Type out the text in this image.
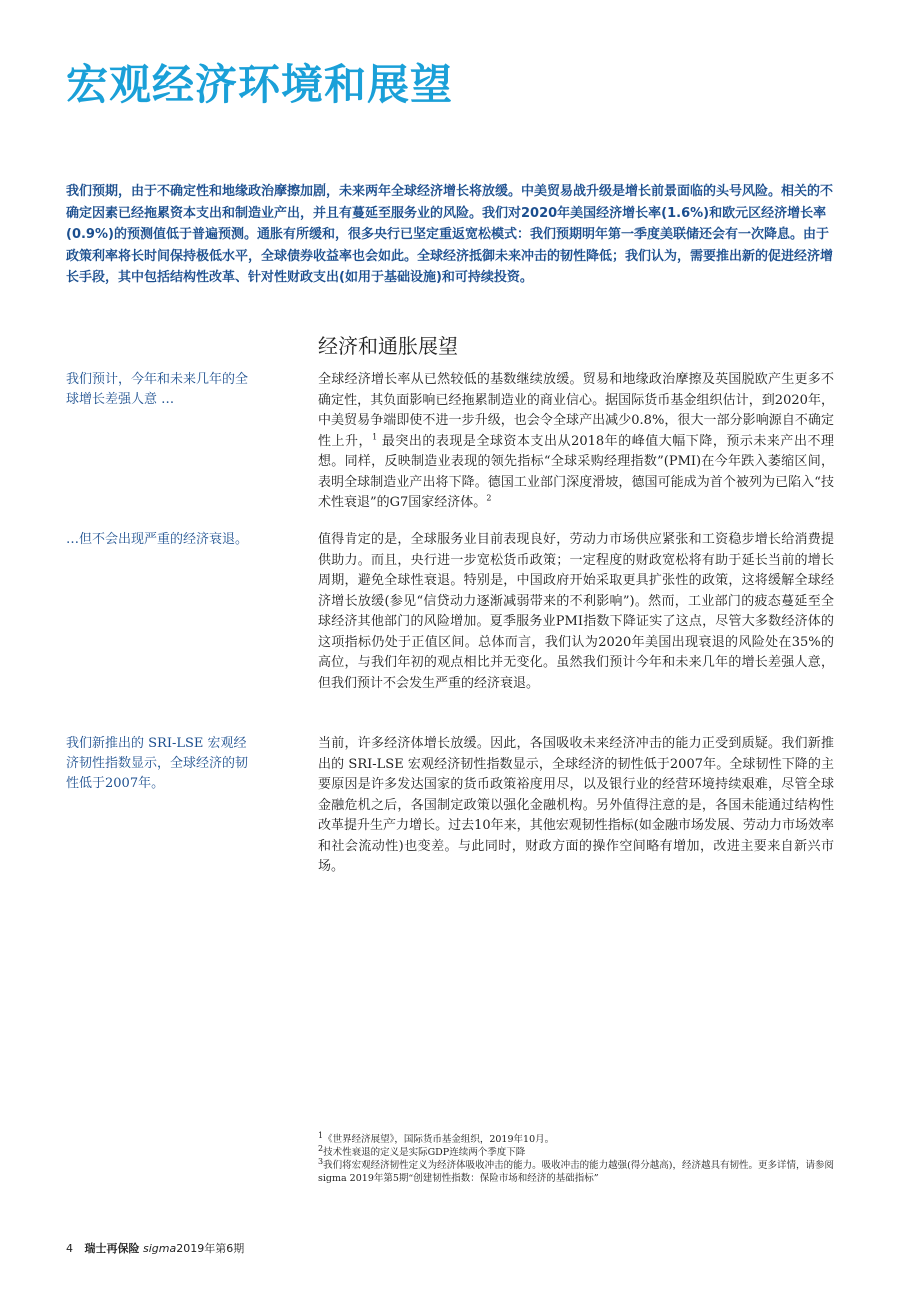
宏观经济环境和展望
我们预期，由于不确定性和地缘政治摩擦加剧，未来两年全球经济增长将放缓。中美贸易战升级是增长前景面临的头号风险。相关的不确定因素已经拖累资本支出和制造业产出，并且有蔓延至服务业的风险。我们对2020年美国经济增长率(1.6%)和欧元区经济增长率(0.9%)的预测值低于普遍预测。通胀有所缓和，很多央行已坚定重返宽松模式：我们预期明年第一季度美联储还会有一次降息。由于政策利率将长时间保持极低水平，全球债券收益率也会如此。全球经济抵御未来冲击的韧性降低；我们认为，需要推出新的促进经济增长手段，其中包括结构性改革、针对性财政支出(如用于基础设施)和可持续投资。
经济和通胀展望
我们预计，今年和未来几年的全球增长差强人意 …
…但不会出现严重的经济衰退。
我们新推出的 SRI-LSE 宏观经济韧性指数显示，全球经济的韧性低于2007年。
全球经济增长率从已然较低的基数继续放缓。贸易和地缘政治摩擦及英国脱欧产生更多不确定性，其负面影响已经拖累制造业的商业信心。据国际货币基金组织估计，到2020年，中美贸易争端即使不进一步升级，也会令全球产出减少0.8%，很大一部分影响源自不确定性上升，$^1$ 最突出的表现是全球资本支出从2018年的峰值大幅下降，预示未来产出不理想。同样，反映制造业表现的领先指标“全球采购经理指数”(PMI)在今年跌入萎缩区间，表明全球制造业产出将下降。德国工业部门深度滑坡，德国可能成为首个被列为已陷入“技术性衰退”的G7国家经济体。$^2$
值得肯定的是，全球服务业目前表现良好，劳动力市场供应紧张和工资稳步增长给消费提供助力。而且，央行进一步宽松货币政策；一定程度的财政宽松将有助于延长当前的增长周期，避免全球性衰退。特别是，中国政府开始采取更具扩张性的政策，这将缓解全球经济增长放缓(参见“信贷动力逐渐减弱带来的不利影响”)。然而，工业部门的疲态蔓延至全球经济其他部门的风险增加。夏季服务业PMI指数下降证实了这点，尽管大多数经济体的这项指标仍处于正值区间。总体而言，我们认为2020年美国出现衰退的风险处在35%的高位，与我们年初的观点相比并无变化。虽然我们预计今年和未来几年的增长差强人意，但我们预计不会发生严重的经济衰退。
当前，许多经济体增长放缓。因此，各国吸收未来经济冲击的能力正受到质疑。我们新推出的 SRI-LSE 宏观经济韧性指数显示，全球经济的韧性低于2007年。全球韧性下降的主要原因是许多发达国家的货币政策裕度用尽，以及银行业的经营环境持续艰难，尽管全球金融危机之后，各国制定政策以强化金融机构。另外值得注意的是，各国未能通过结构性改革提升生产力增长。过去10年来，其他宏观韧性指标(如金融市场发展、劳动力市场效率和社会流动性)也变差。与此同时，财政方面的操作空间略有增加，改进主要来自新兴市场。

$^1$《世界经济展望》，国际货币基金组织，2019年10月。

$^2$技术性衰退的定义是实际GDP连续两个季度下降

$^3$我们将宏观经济韧性定义为经济体吸收冲击的能力。吸收冲击的能力越强(得分越高)，经济越具有韧性。更多详情，请参阅sigma 2019年第5期“创建韧性指数：保险市场和经济的基础指标”

4 瑞士再保险 sigma2019年第6期
